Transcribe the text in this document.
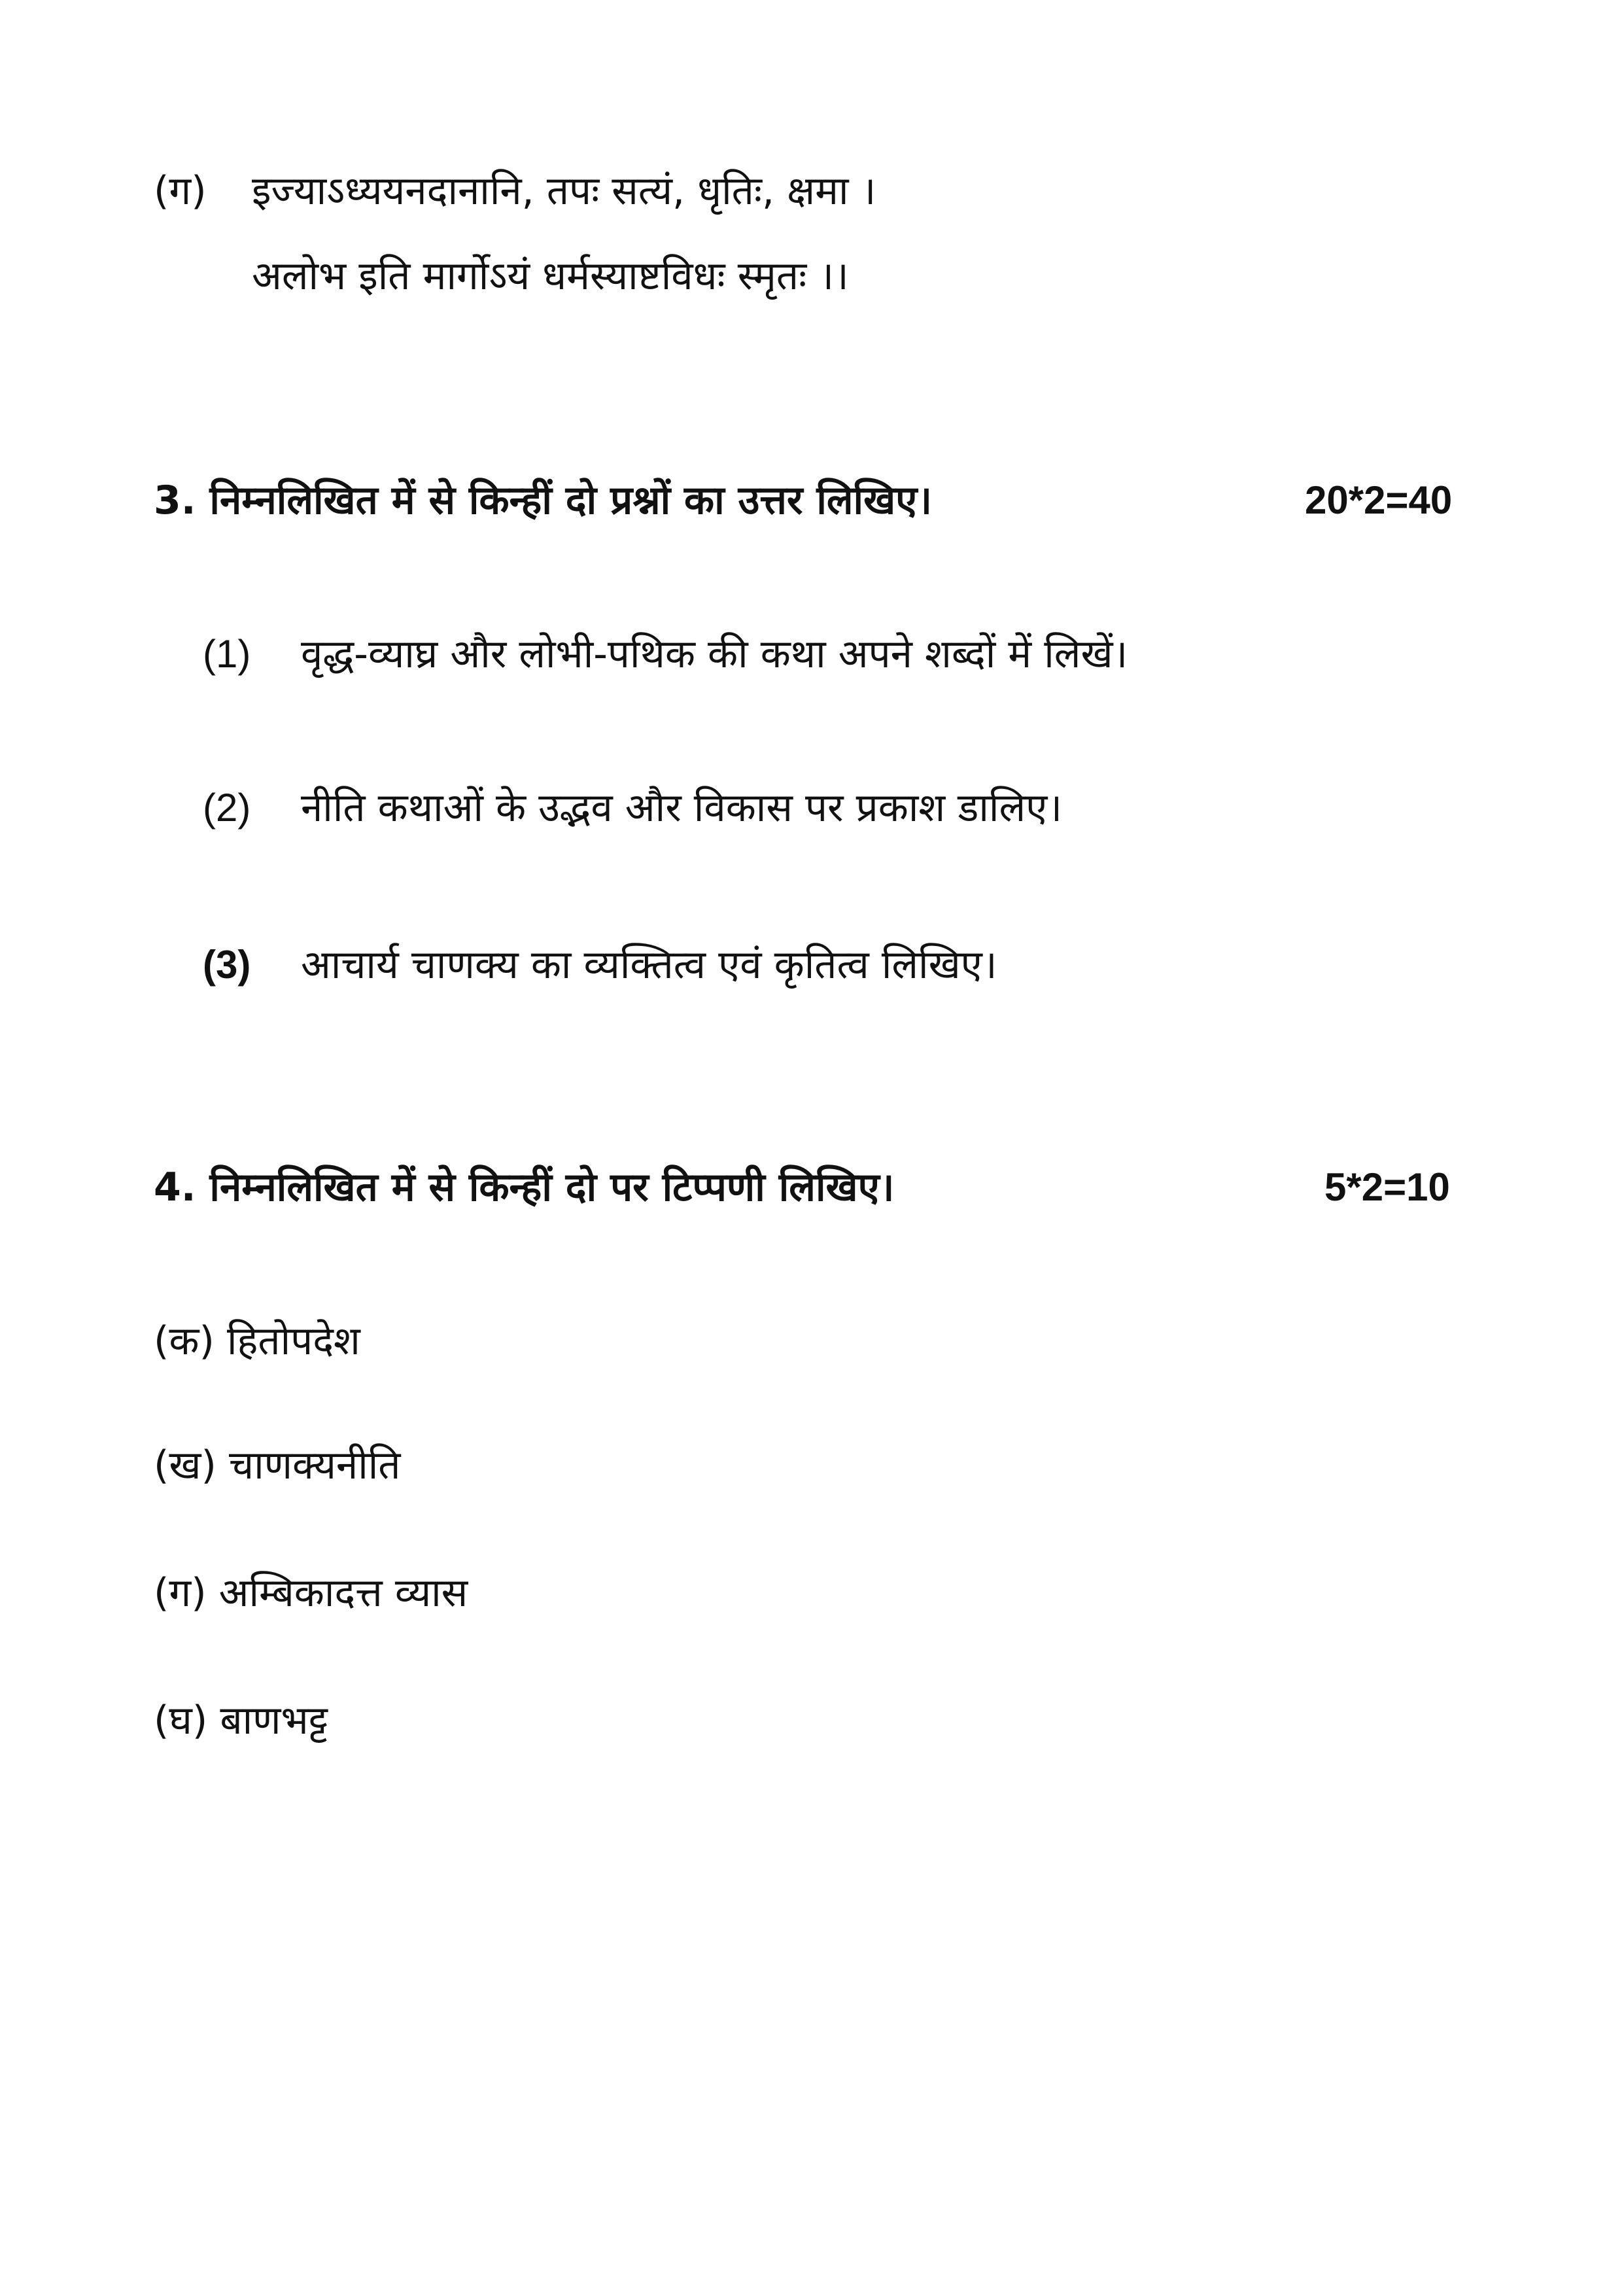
(ग) इज्याऽध्ययनदानानि, तपः सत्यं, धृतिः, क्षमा ।
अलोभ इति मार्गोऽयं धर्मस्याष्टविधः स्मृतः ।।
3. निम्नलिखित में से किन्हीं दो प्रश्नों का उत्तर लिखिए।	20*2=40
(1) वृद्ध-व्याघ्र और लोभी-पथिक की कथा अपने शब्दों में लिखें।
(2) नीति कथाओं के उद्भव और विकास पर प्रकाश डालिए।
(3) आचार्य चाणक्य का व्यक्तित्व एवं कृतित्व लिखिए।
4. निम्नलिखित में से किन्हीं दो पर टिप्पणी लिखिए।	5*2=10
(क) हितोपदेश
(ख) चाणक्यनीति
(ग) अम्बिकादत्त व्यास
(घ) बाणभट्ट
